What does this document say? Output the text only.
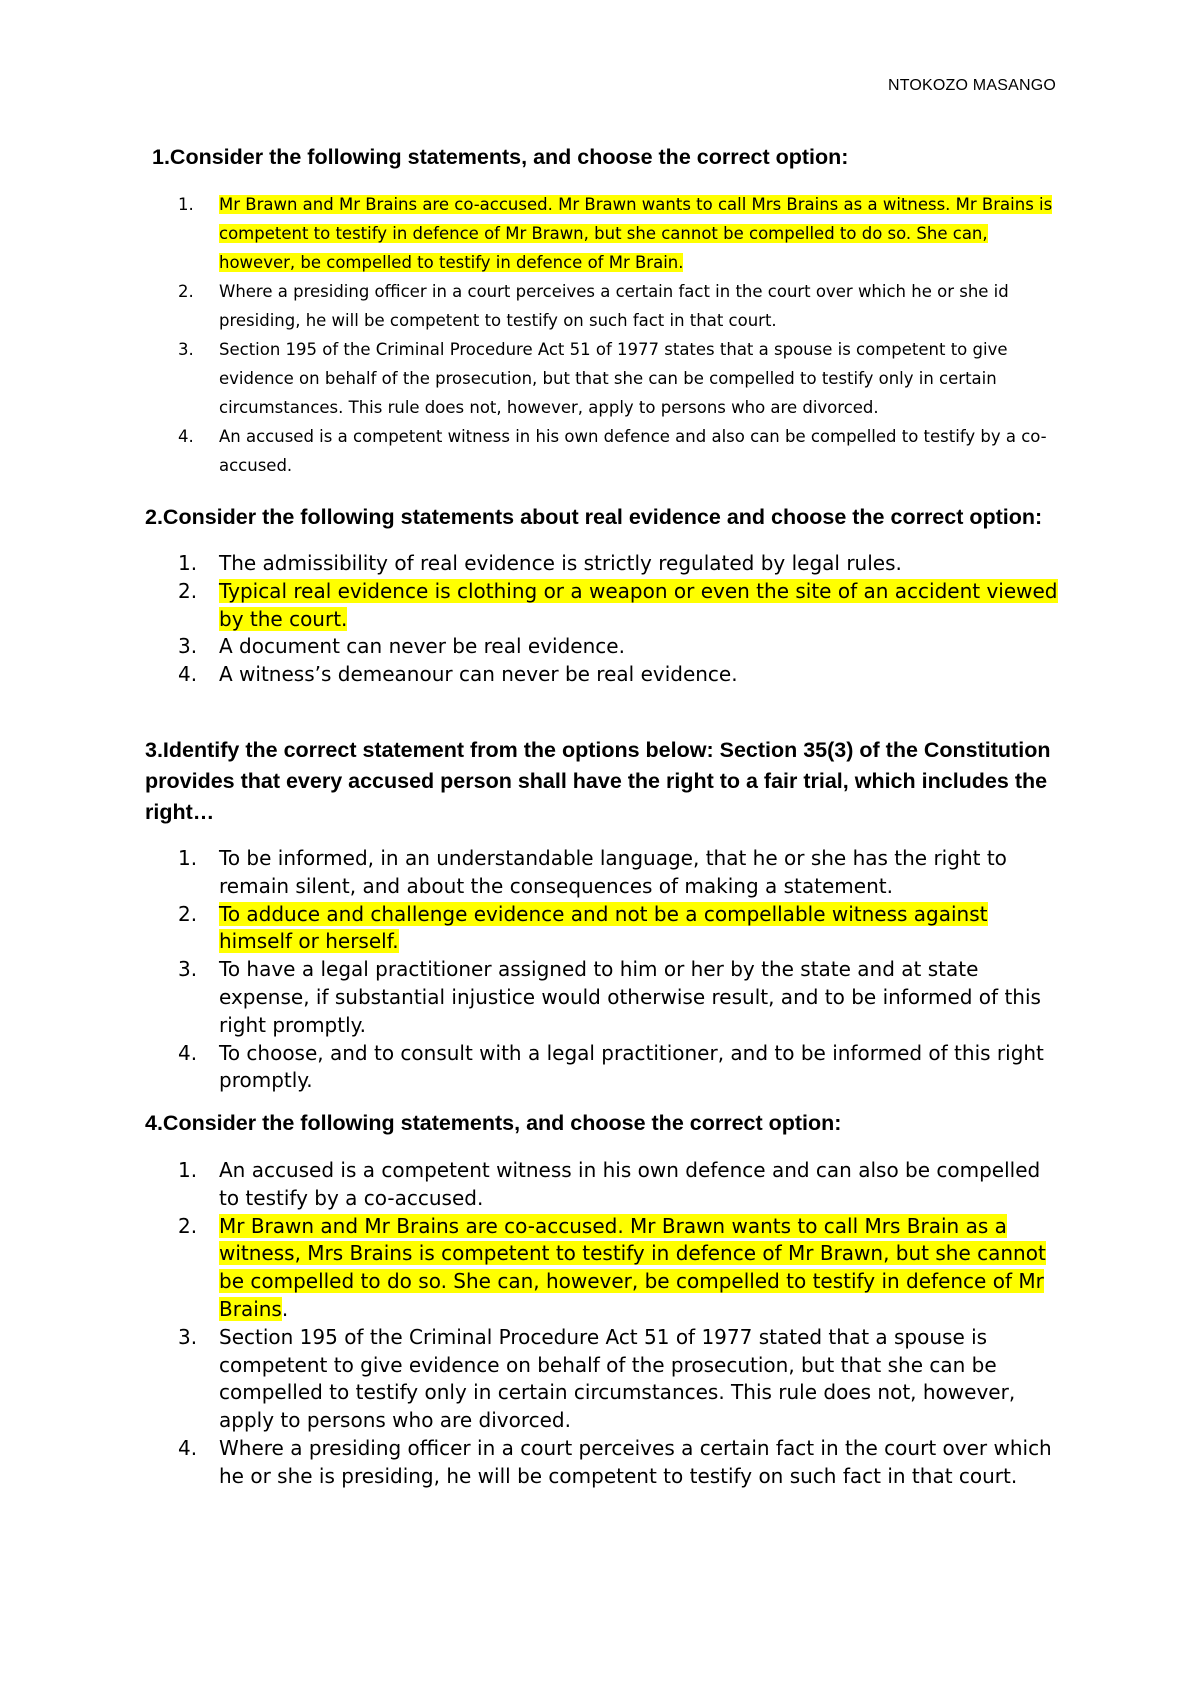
NTOKOZO MASANGO

1.Consider the following statements, and choose the correct option:

1. Mr Brawn and Mr Brains are co-accused. Mr Brawn wants to call Mrs Brains as a witness. Mr Brains is competent to testify in defence of Mr Brawn, but she cannot be compelled to do so. She can, however, be compelled to testify in defence of Mr Brain.
2. Where a presiding officer in a court perceives a certain fact in the court over which he or she id presiding, he will be competent to testify on such fact in that court.
3. Section 195 of the Criminal Procedure Act 51 of 1977 states that a spouse is competent to give evidence on behalf of the prosecution, but that she can be compelled to testify only in certain circumstances. This rule does not, however, apply to persons who are divorced.
4. An accused is a competent witness in his own defence and also can be compelled to testify by a co-accused.

2.Consider the following statements about real evidence and choose the correct option:

1. The admissibility of real evidence is strictly regulated by legal rules.
2. Typical real evidence is clothing or a weapon or even the site of an accident viewed by the court.
3. A document can never be real evidence.
4. A witness’s demeanour can never be real evidence.

3.Identify the correct statement from the options below: Section 35(3) of the Constitution provides that every accused person shall have the right to a fair trial, which includes the right…

1. To be informed, in an understandable language, that he or she has the right to remain silent, and about the consequences of making a statement.
2. To adduce and challenge evidence and not be a compellable witness against himself or herself.
3. To have a legal practitioner assigned to him or her by the state and at state expense, if substantial injustice would otherwise result, and to be informed of this right promptly.
4. To choose, and to consult with a legal practitioner, and to be informed of this right promptly.

4.Consider the following statements, and choose the correct option:

1. An accused is a competent witness in his own defence and can also be compelled to testify by a co-accused.
2. Mr Brawn and Mr Brains are co-accused. Mr Brawn wants to call Mrs Brain as a witness, Mrs Brains is competent to testify in defence of Mr Brawn, but she cannot be compelled to do so. She can, however, be compelled to testify in defence of Mr Brains.
3. Section 195 of the Criminal Procedure Act 51 of 1977 stated that a spouse is competent to give evidence on behalf of the prosecution, but that she can be compelled to testify only in certain circumstances. This rule does not, however, apply to persons who are divorced.
4. Where a presiding officer in a court perceives a certain fact in the court over which he or she is presiding, he will be competent to testify on such fact in that court.
